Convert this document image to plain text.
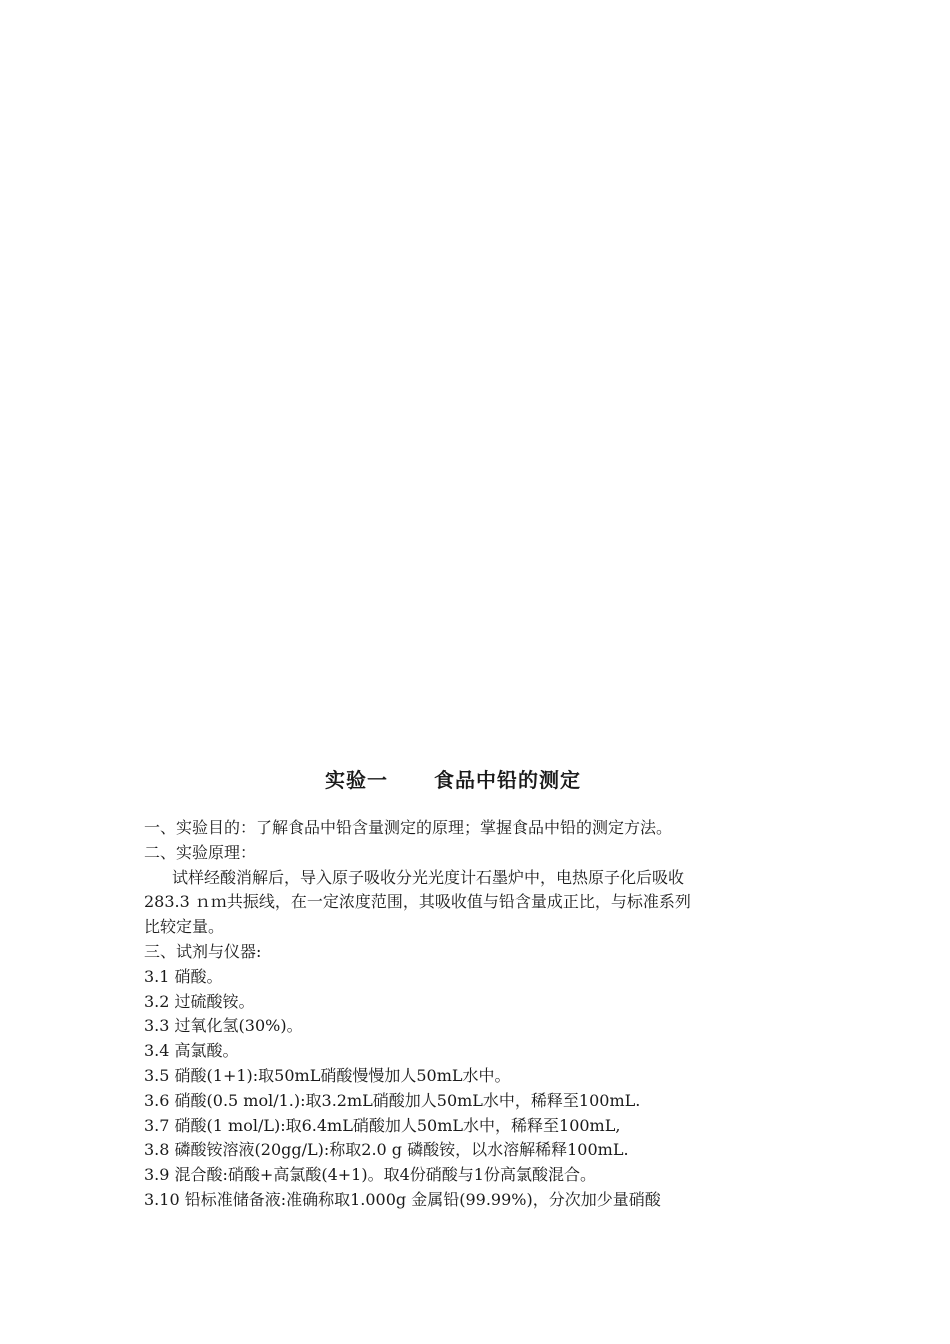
实验一 食品中铅的测定
一、实验目的：了解食品中铅含量测定的原理；掌握食品中铅的测定方法。
二、实验原理：
试样经酸消解后，导入原子吸收分光光度计石墨炉中，电热原子化后吸收
283.3 ｎｍ共振线，在一定浓度范围，其吸收值与铅含量成正比，与标准系列
比较定量。
三、试剂与仪器:
3.1 硝酸。
3.2 过硫酸铵。
3.3 过氧化氢(30%)。
3.4 高氯酸。
3.5 硝酸(1+1):取50mL硝酸慢慢加人50mL水中。
3.6 硝酸(0.5 mol/1.):取3.2mL硝酸加人50mL水中，稀释至100mL.
3.7 硝酸(1 mol/L):取6.4mL硝酸加人50mL水中，稀释至100mL,
3.8 磷酸铵溶液(20gg/L):称取2.0 g 磷酸铵，以水溶解稀释100mL.
3.9 混合酸:硝酸+高氯酸(4+1)。取4份硝酸与1份高氯酸混合。
3.10 铅标准储备液:准确称取1.000g 金属铅(99.99%)，分次加少量硝酸
